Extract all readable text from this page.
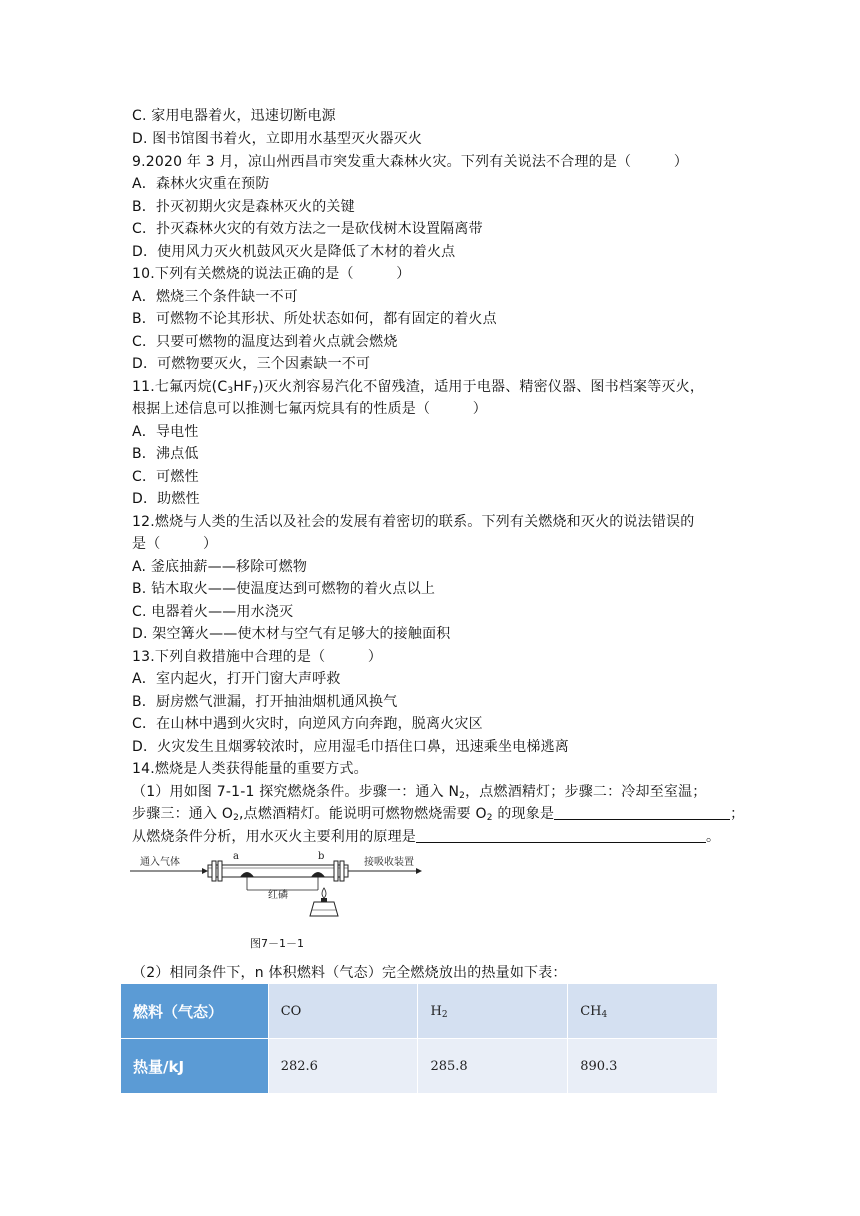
C. 家用电器着火，迅速切断电源
D. 图书馆图书着火，立即用水基型灭火器灭火
9.2020 年 3 月，凉山州西昌市突发重大森林火灾。下列有关说法不合理的是（　　　）
A．森林火灾重在预防
B．扑灭初期火灾是森林灭火的关键
C．扑灭森林火灾的有效方法之一是砍伐树木设置隔离带
D．使用风力灭火机鼓风灭火是降低了木材的着火点
10.下列有关燃烧的说法正确的是（　　　）
A．燃烧三个条件缺一不可
B．可燃物不论其形状、所处状态如何，都有固定的着火点
C．只要可燃物的温度达到着火点就会燃烧
D．可燃物要灭火，三个因素缺一不可
11.七氟丙烷$(C_3HF_7)$灭火剂容易汽化不留残渣，适用于电器、精密仪器、图书档案等灭火，
根据上述信息可以推测七氟丙烷具有的性质是（　　　）
A．导电性
B．沸点低
C．可燃性
D．助燃性
12.燃烧与人类的生活以及社会的发展有着密切的联系。下列有关燃烧和灭火的说法错误的
是（　　　）
A. 釜底抽薪——移除可燃物
B. 钻木取火——使温度达到可燃物的着火点以上
C. 电器着火——用水浇灭
D. 架空篝火——使木材与空气有足够大的接触面积
13.下列自救措施中合理的是（　　　）
A．室内起火，打开门窗大声呼救
B．厨房燃气泄漏，打开抽油烟机通风换气
C．在山林中遇到火灾时，向逆风方向奔跑，脱离火灾区
D．火灾发生且烟雾较浓时，应用湿毛巾捂住口鼻，迅速乘坐电梯逃离
14.燃烧是人类获得能量的重要方式。
（1）用如图 7-1-1 探究燃烧条件。步骤一：通入 $N_2$，点燃酒精灯；步骤二：冷却至室温；
步骤三：通入 $O_2$,点燃酒精灯。能说明可燃物燃烧需要 $O_2$ 的现象是	；
从燃烧条件分析，用水灭火主要利用的原理是	。
通入气体
a	b
接吸收装置
红磷
图7－1－1
（2）相同条件下，n 体积燃料（气态）完全燃烧放出的热量如下表：
燃料（气态）	CO	$H_2$	$CH_4$
热量/kJ	282.6	285.8	890.3
